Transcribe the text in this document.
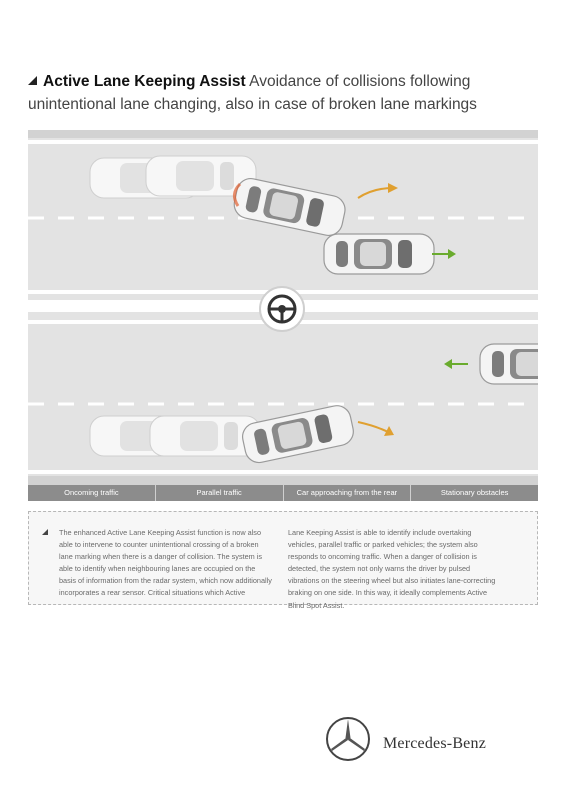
Active Lane Keeping Assist Avoidance of collisions following
unintentional lane changing, also in case of broken lane markings
Oncoming traffic	Parallel traffic	Car approaching from the rear	Stationary obstacles
The enhanced Active Lane Keeping Assist function is now also able to intervene to counter unintentional crossing of a broken lane marking when there is a danger of collision. The system is able to identify when neighbouring lanes are occupied on the basis of information from the radar system, which now additionally incorporates a rear sensor. Critical situations which Active
Lane Keeping Assist is able to identify include overtaking vehicles, parallel traffic or parked vehicles; the system also responds to oncoming traffic. When a danger of collision is detected, the system not only warns the driver by pulsed vibrations on the steering wheel but also initiates lane-correcting braking on one side. In this way, it ideally complements Active Blind Spot Assist.
Mercedes-Benz
